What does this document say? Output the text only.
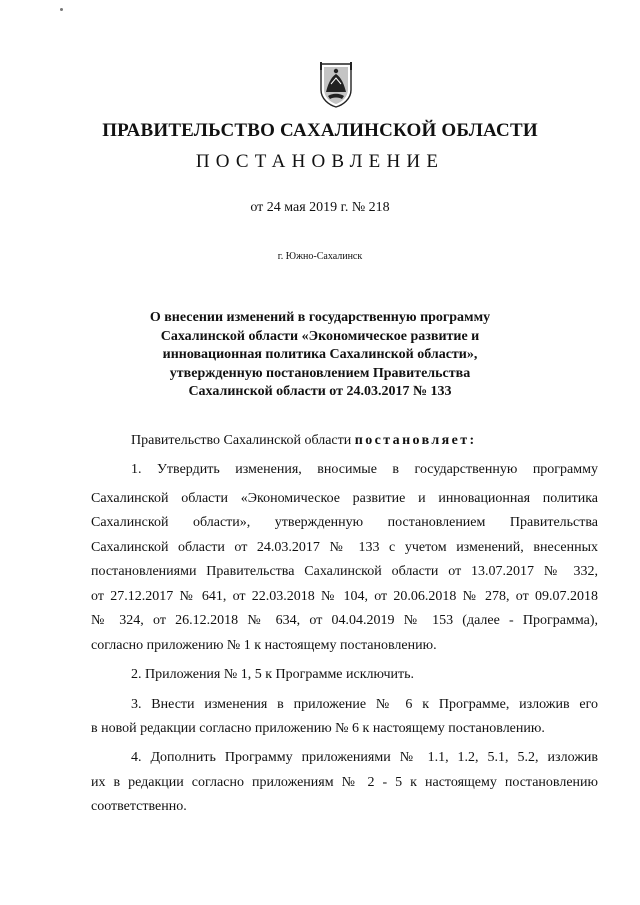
ПРАВИТЕЛЬСТВО САХАЛИНСКОЙ ОБЛАСТИ
ПОСТАНОВЛЕНИЕ
от 24 мая 2019 г. № 218
г. Южно-Сахалинск
О внесении изменений в государственную программу
Сахалинской области «Экономическое развитие и
инновационная политика Сахалинской области»,
утвержденную постановлением Правительства
Сахалинской области от 24.03.2017 № 133
Правительство Сахалинской области постановляет:
1. Утвердить изменения, вносимые в государственную программу
Сахалинской области «Экономическое развитие и инновационная политика
Сахалинской области», утвержденную постановлением Правительства
Сахалинской области от 24.03.2017 № 133 с учетом изменений, внесенных
постановлениями Правительства Сахалинской области от 13.07.2017 № 332,
от 27.12.2017 № 641, от 22.03.2018 № 104, от 20.06.2018 № 278, от 09.07.2018
№ 324, от 26.12.2018 № 634, от 04.04.2019 № 153 (далее - Программа),
согласно приложению № 1 к настоящему постановлению.
2. Приложения № 1, 5 к Программе исключить.
3. Внести изменения в приложение № 6 к Программе, изложив его
в новой редакции согласно приложению № 6 к настоящему постановлению.
4. Дополнить Программу приложениями № 1.1, 1.2, 5.1, 5.2, изложив
их в редакции согласно приложениям № 2 - 5 к настоящему постановлению
соответственно.
